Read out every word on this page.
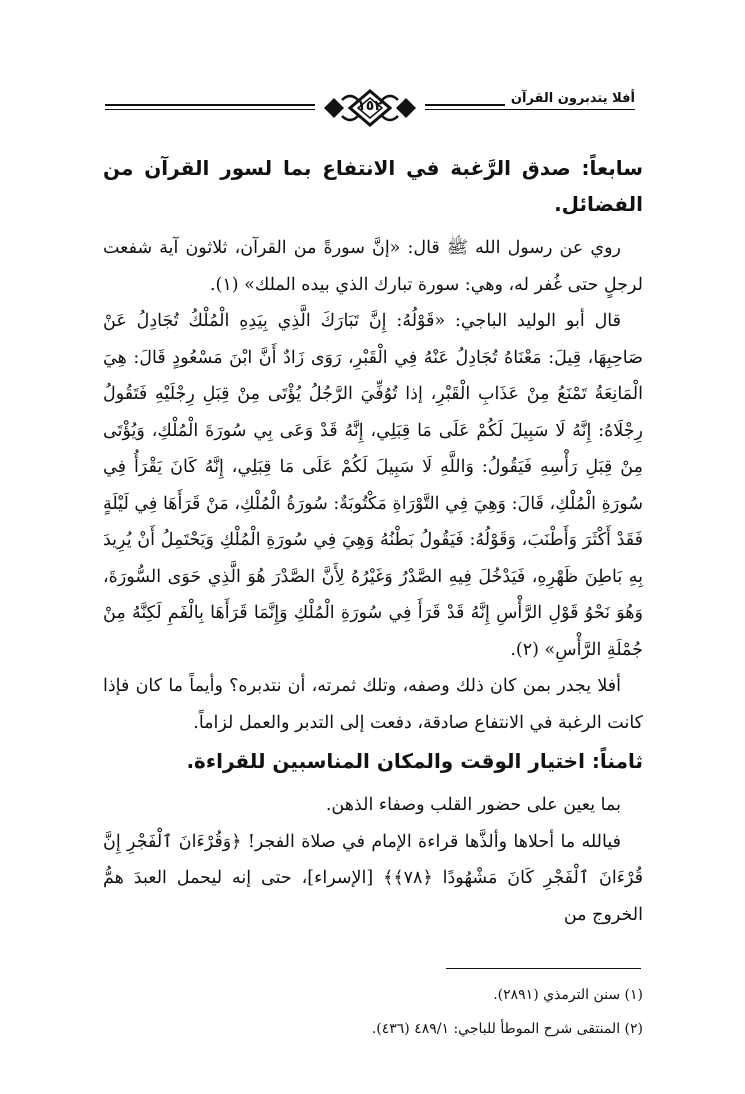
١٥٢	أفلا يتدبرون القرآن

سابعاً: صدق الرَّغبة في الانتفاع بما لسور القرآن من الفضائل.

روي عن رسول الله ﷺ قال: «إنَّ سورةً من القرآن، ثلاثون آية شفعت لرجلٍ حتى غُفر له، وهي: سورة تبارك الذي بيده الملك» (١).

قال أبو الوليد الباجي: «قَوْلُهُ: إِنَّ تَبَارَكَ الَّذِي بِيَدِهِ الْمُلْكُ تُجَادِلُ عَنْ صَاحِبِهَا، قِيلَ: مَعْنَاهُ تُجَادِلُ عَنْهُ فِي الْقَبْرِ، رَوَى زَادٌ أَنَّ ابْنَ مَسْعُودٍ قَالَ: هِيَ الْمَانِعَةُ تَمْنَعُ مِنْ عَذَابِ الْقَبْرِ، إذا تُوُفِّيَ الرَّجُلُ يُؤْتَى مِنْ قِبَلِ رِجْلَيْهِ فَتَقُولُ رِجْلَاهُ: إِنَّهُ لَا سَبِيلَ لَكُمْ عَلَى مَا قِبَلِي، إِنَّهُ قَدْ وَعَى بِي سُورَةَ الْمُلْكِ، وَيُؤْتَى مِنْ قِبَلِ رَأْسِهِ فَيَقُولُ: وَاللَّهِ لَا سَبِيلَ لَكُمْ عَلَى مَا قِبَلِي، إِنَّهُ كَانَ يَقْرَأُ فِي سُورَةِ الْمُلْكِ، قَالَ: وَهِيَ فِي التَّوْرَاةِ مَكْتُوبَةٌ: سُورَةُ الْمُلْكِ، مَنْ قَرَأَهَا فِي لَيْلَةٍ فَقَدْ أَكْثَرَ وَأَطْنَبَ، وَقَوْلُهُ: فَيَقُولُ بَطْنُهُ وَهِيَ فِي سُورَةِ الْمُلْكِ وَيَحْتَمِلُ أَنْ يُرِيدَ بِهِ بَاطِنَ ظَهْرِهِ، فَيَدْخُلَ فِيهِ الصَّدْرُ وَغَيْرُهُ لِأَنَّ الصَّدْرَ هُوَ الَّذِي حَوَى السُّورَةَ، وَهُوَ نَحْوُ قَوْلِ الرَّأْسِ إِنَّهُ قَدْ قَرَأَ فِي سُورَةِ الْمُلْكِ وَإِنَّمَا قَرَأَهَا بِالْفَمِ لَكِنَّهُ مِنْ جُمْلَةِ الرَّأْسِ» (٢).

أفلا يجدر بمن كان ذلك وصفه، وتلك ثمرته، أن نتدبره؟ وأيماً ما كان فإذا كانت الرغبة في الانتفاع صادقة، دفعت إلى التدبر والعمل لزاماً.

ثامناً: اختيار الوقت والمكان المناسبين للقراءة.

بما يعين على حضور القلب وصفاء الذهن.

فيالله ما أحلاها وألذَّها قراءة الإمام في صلاة الفجر! ﴿وَقُرْءَانَ ٱلْفَجْرِ إِنَّ قُرْءَانَ ٱلْفَجْرِ كَانَ مَشْهُودًا ﴿٧٨﴾﴾ [الإسراء]، حتى إنه ليحمل العبدَ همُّ الخروج من

(١) سنن الترمذي (٢٨٩١).

(٢) المنتقى شرح الموطأ للباجي: ٤٨٩/١ (٤٣٦).
